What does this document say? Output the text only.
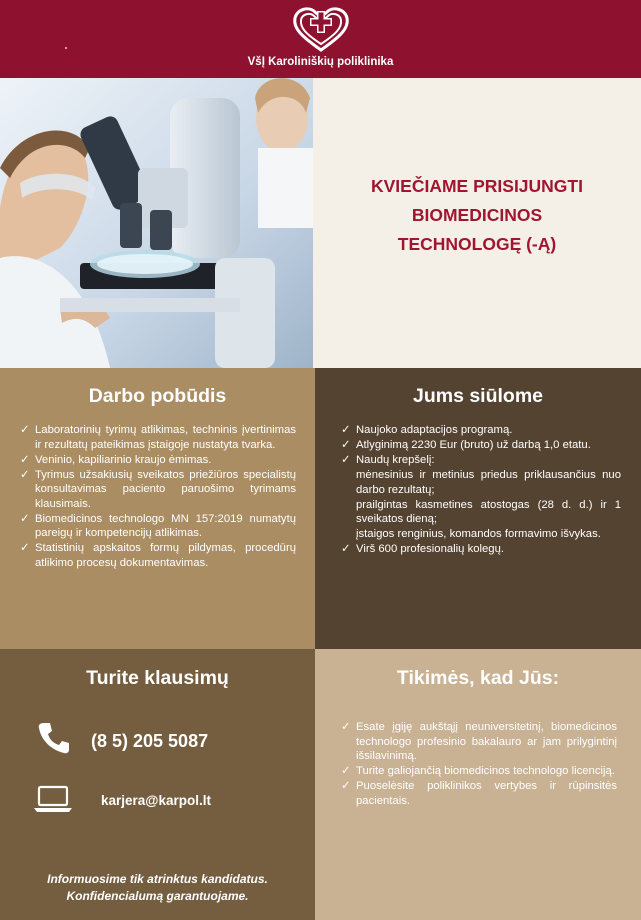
VšĮ Karoliniškių poliklinika
KVIEČIAME PRISIJUNGTI
BIOMEDICINOS
TECHNOLOGĘ (-Ą)
Darbo pobūdis
✓ Laboratorinių tyrimų atlikimas, techninis įvertinimas ir rezultatų pateikimas įstaigoje nustatyta tvarka.
✓ Veninio, kapiliarinio kraujo ėmimas.
✓ Tyrimus užsakiusių sveikatos priežiūros specialistų konsultavimas paciento paruošimo tyrimams klausimais.
✓ Biomedicinos technologo MN 157:2019 numatytų pareigų ir kompetencijų atlikimas.
✓ Statistinių apskaitos formų pildymas, procedūrų atlikimo procesų dokumentavimas.
Jums siūlome
✓ Naujoko adaptacijos programą.
✓ Atlyginimą 2230 Eur (bruto) už darbą 1,0 etatu.
✓ Naudų krepšelį:
mėnesinius ir metinius priedus priklausančius nuo darbo rezultatų;
prailgintas kasmetines atostogas (28 d. d.) ir 1 sveikatos dieną;
įstaigos renginius, komandos formavimo išvykas.
✓ Virš 600 profesionalių kolegų.
Turite klausimų
(8 5) 205 5087
karjera@karpol.lt
Informuosime tik atrinktus kandidatus.
Konfidencialumą garantuojame.
Tikimės, kad Jūs:
✓ Esate įgiję aukštąjį neuniversitetinį, biomedicinos technologo profesinio bakalauro ar jam prilygintinį išsilavinimą.
✓ Turite galiojančią biomedicinos technologo licenciją.
✓ Puoselėsite poliklinikos vertybes ir rūpinsitės pacientais.
